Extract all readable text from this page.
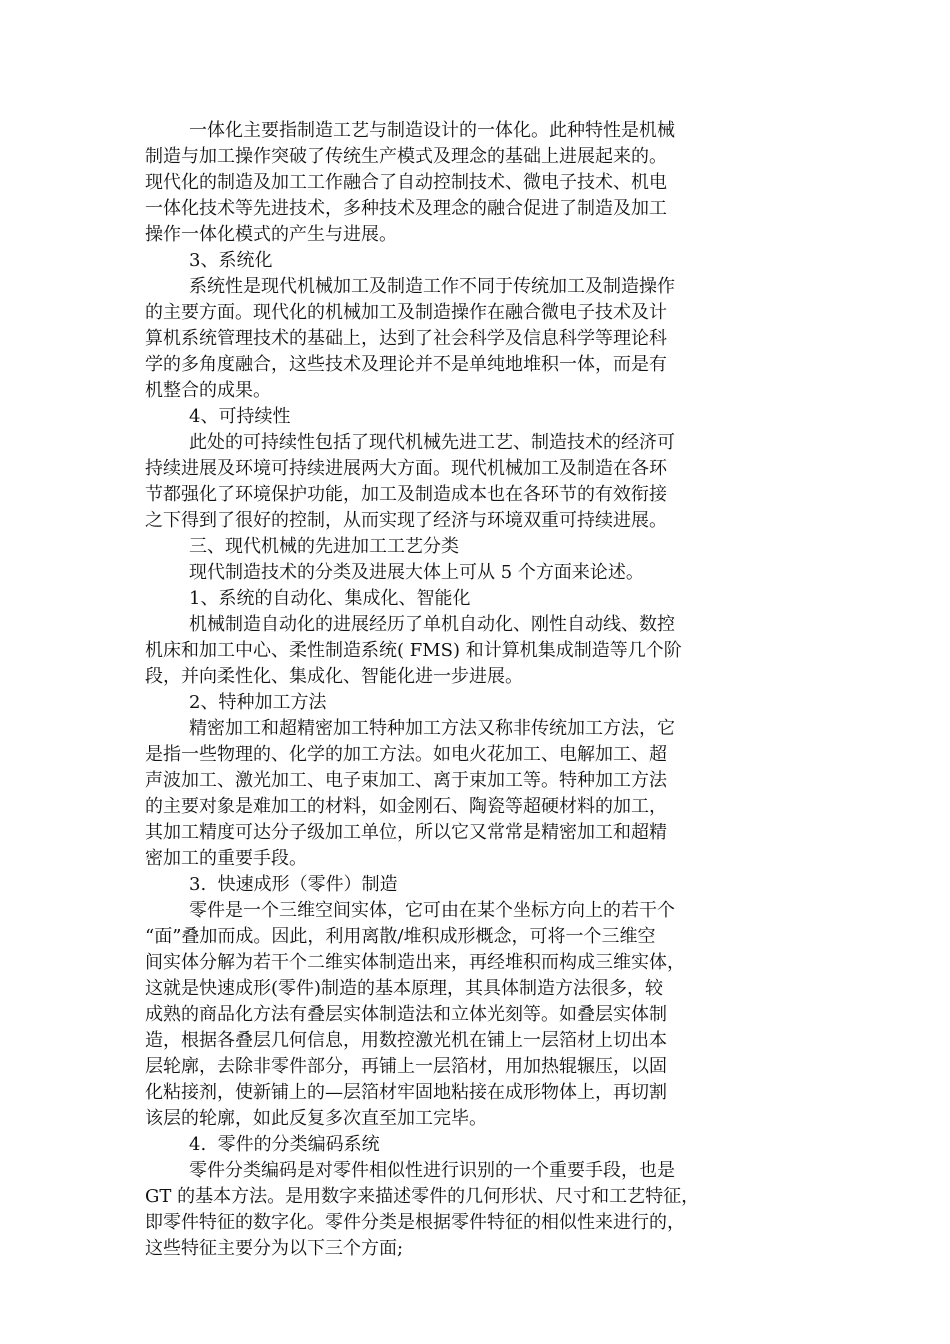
一体化主要指制造工艺与制造设计的一体化。此种特性是机械
制造与加工操作突破了传统生产模式及理念的基础上进展起来的。
现代化的制造及加工工作融合了自动控制技术、微电子技术、机电
一体化技术等先进技术，多种技术及理念的融合促进了制造及加工
操作一体化模式的产生与进展。
3、系统化
系统性是现代机械加工及制造工作不同于传统加工及制造操作
的主要方面。现代化的机械加工及制造操作在融合微电子技术及计
算机系统管理技术的基础上，达到了社会科学及信息科学等理论科
学的多角度融合，这些技术及理论并不是单纯地堆积一体，而是有
机整合的成果。
4、可持续性
此处的可持续性包括了现代机械先进工艺、制造技术的经济可
持续进展及环境可持续进展两大方面。现代机械加工及制造在各环
节都强化了环境保护功能，加工及制造成本也在各环节的有效衔接
之下得到了很好的控制，从而实现了经济与环境双重可持续进展。
三、现代机械的先进加工工艺分类
现代制造技术的分类及进展大体上可从 5 个方面来论述。
1、系统的自动化、集成化、智能化
机械制造自动化的进展经历了单机自动化、刚性自动线、数控
机床和加工中心、柔性制造系统( FMS) 和计算机集成制造等几个阶
段，并向柔性化、集成化、智能化进一步进展。
2、特种加工方法
精密加工和超精密加工特种加工方法又称非传统加工方法，它
是指一些物理的、化学的加工方法。如电火花加工、电解加工、超
声波加工、激光加工、电子束加工、离于束加工等。特种加工方法
的主要对象是难加工的材料，如金刚石、陶瓷等超硬材料的加工，
其加工精度可达分子级加工单位，所以它又常常是精密加工和超精
密加工的重要手段。
3.  快速成形（零件）制造
零件是一个三维空间实体，它可由在某个坐标方向上的若干个
“面”叠加而成。因此，利用离散/堆积成形概念，可将一个三维空
间实体分解为若干个二维实体制造出来，再经堆积而构成三维实体，
这就是快速成形(零件)制造的基本原理，其具体制造方法很多，较
成熟的商品化方法有叠层实体制造法和立体光刻等。如叠层实体制
造，根据各叠层几何信息，用数控激光机在铺上一层箔材上切出本
层轮廓，去除非零件部分，再铺上一层箔材，用加热辊辗压，以固
化粘接剂，使新铺上的—层箔材牢固地粘接在成形物体上，再切割
该层的轮廓，如此反复多次直至加工完毕。
4.  零件的分类编码系统
零件分类编码是对零件相似性进行识别的一个重要手段，也是
GT 的基本方法。是用数字来描述零件的几何形状、尺寸和工艺特征，
即零件特征的数字化。零件分类是根据零件特征的相似性来进行的，
这些特征主要分为以下三个方面;
